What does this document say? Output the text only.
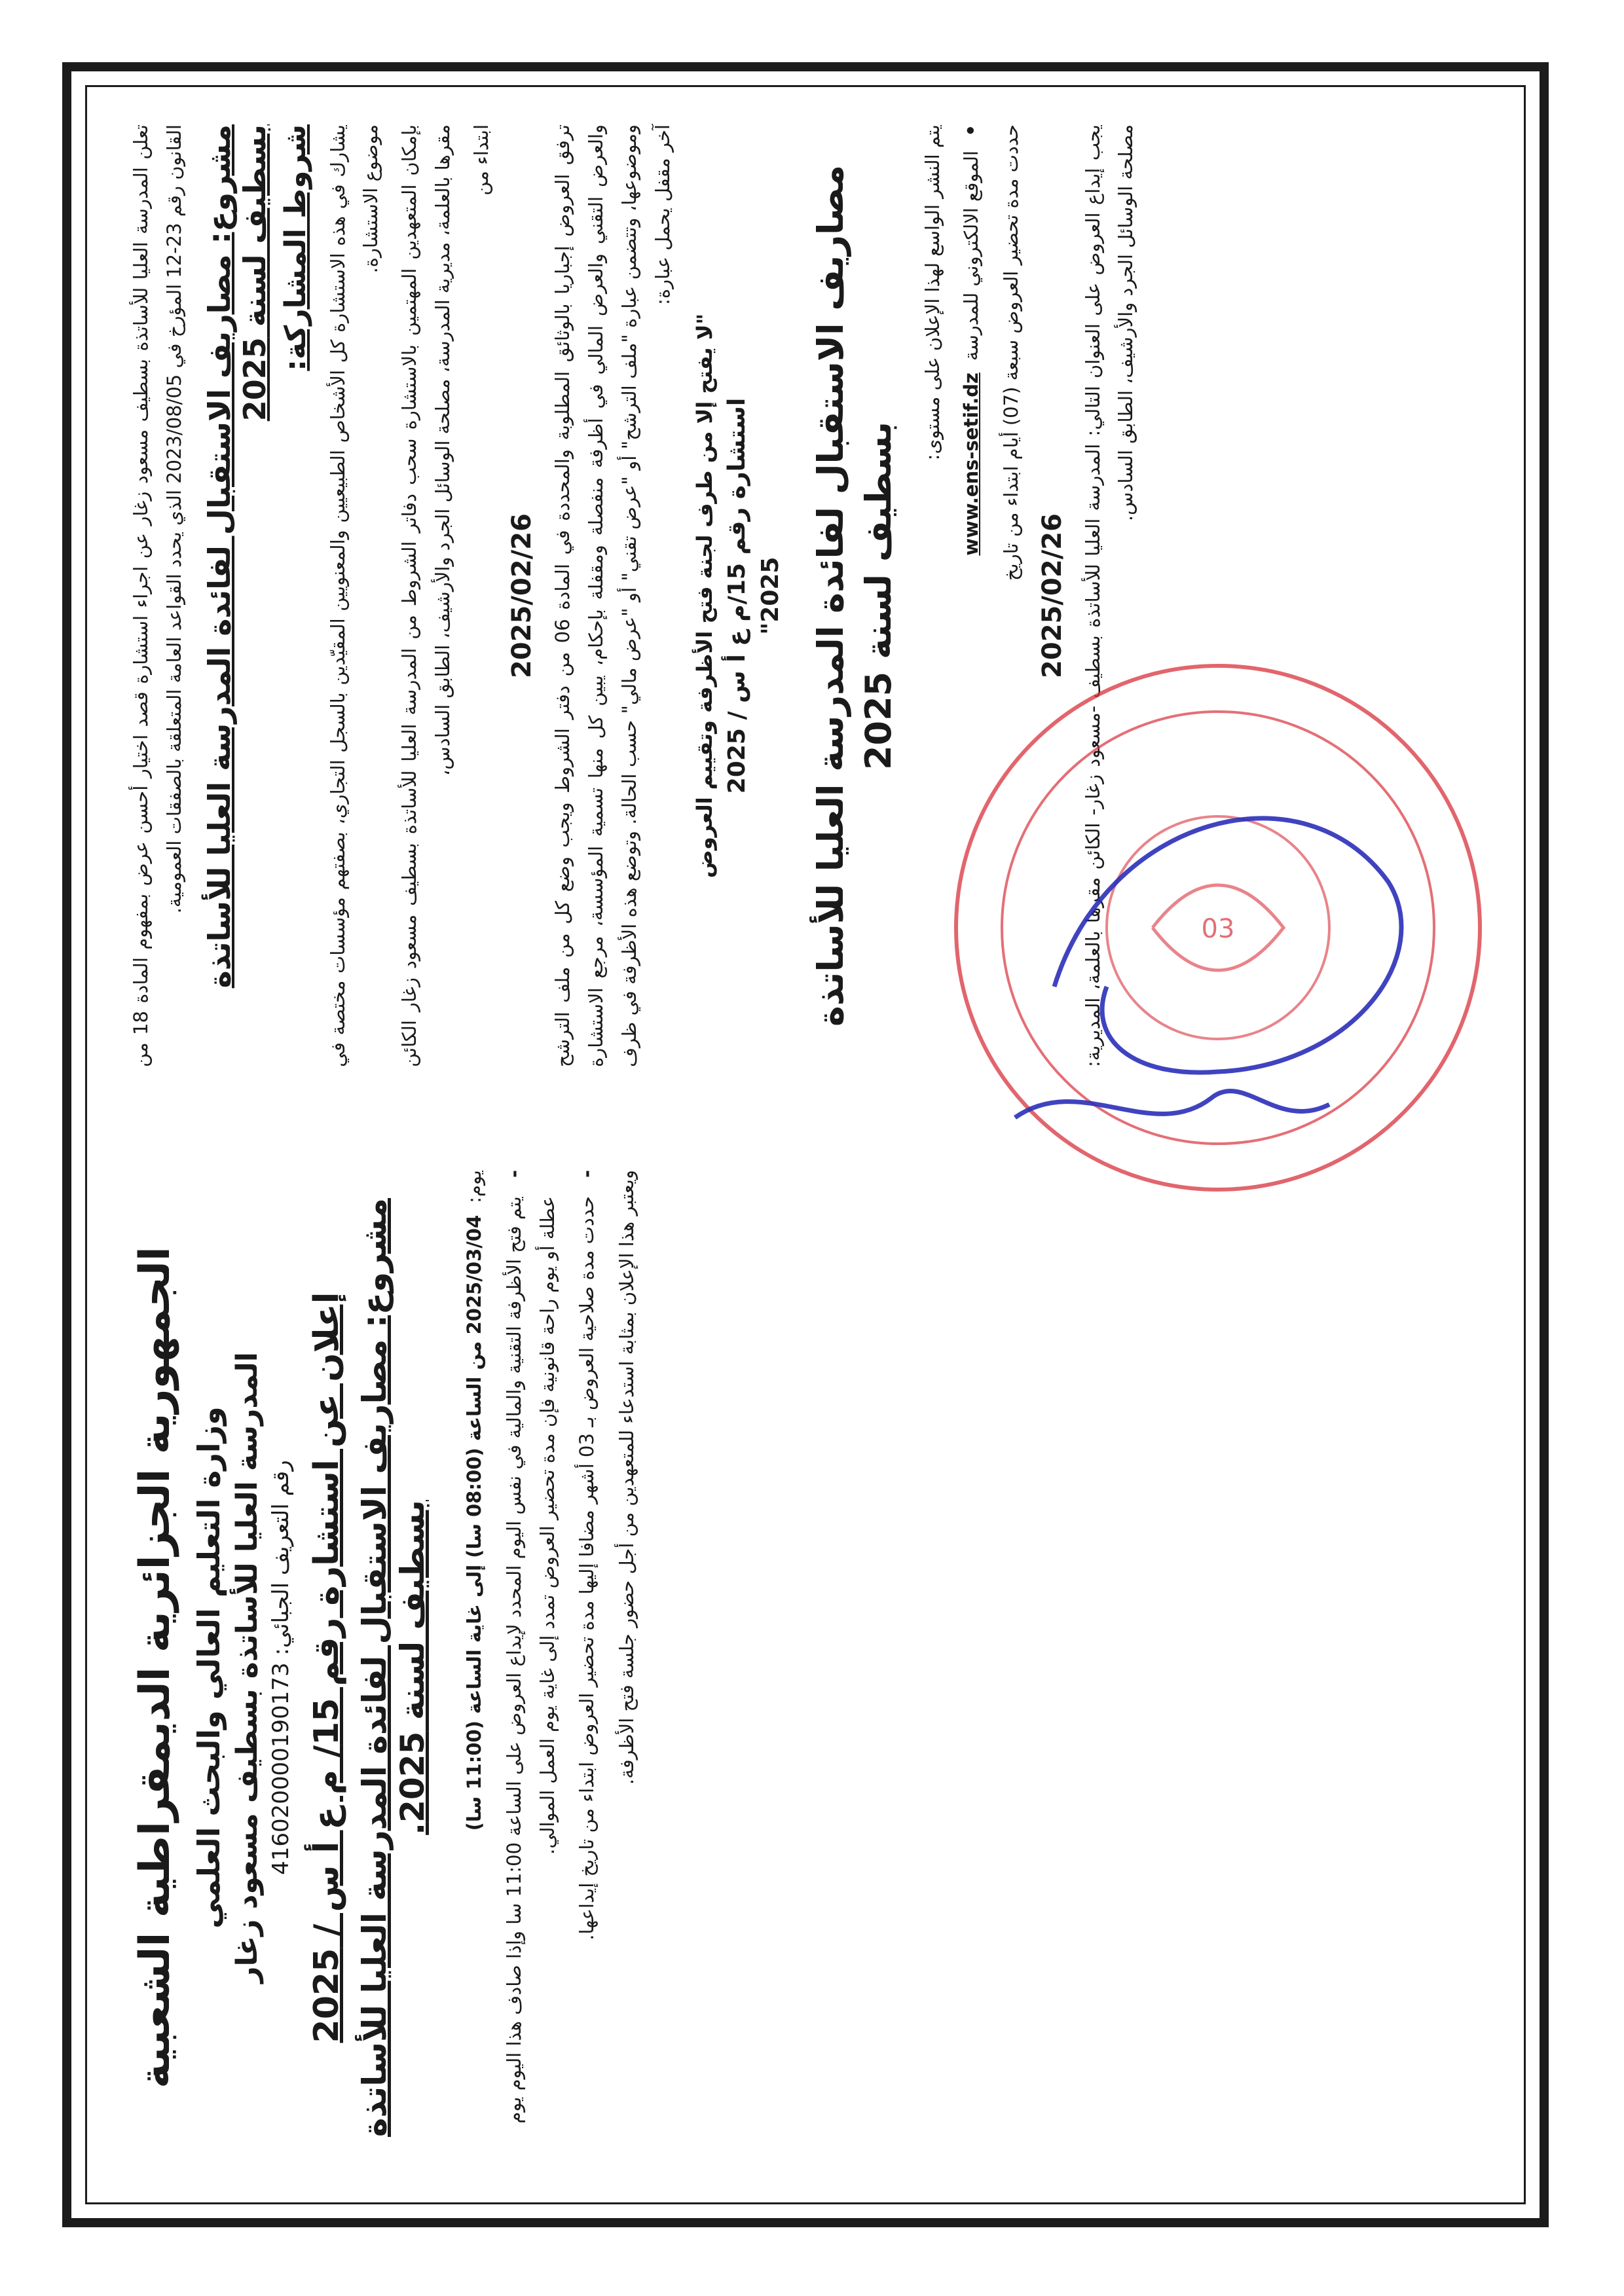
تعلن المدرسة العليا للأساتذة بسطيف مسعود زغار عن اجراء استشارة قصد اختيار أحسن عرض بمفهوم المادة 18 من القانون رقم 23-12 المؤرخ في 2023/08/05 الذي يحدد القواعد العامة المتعلقة بالصفقات العمومية. مشروع: مصاريف الاستقبال لفائدة المدرسة العليا للأساتذة بسطيف لسنة 2025 شروط المشاركة: يشارك في هذه الاستشارة كل الأشخاص الطبيعيين والمعنويين المقيّدين بالسجل التجاري، بصفتهم مؤسسات مختصة في موضوع الاستشارة. بإمكان المتعهدين المهتمين بالاستشارة سحب دفاتر الشروط من المدرسة العليا للأساتذة بسطيف مسعود زغار الكائن مقرها بالعلمة، مديرية المدرسة، مصلحة الوسائل الجرد والأرشيف، الطابق السادس، ابتداء من

2025/02/26

ترفق العروض إجباريا بالوثائق المطلوبة والمحددة في المادة 06 من دفتر الشروط ويجب وضع كل من ملف الترشح والعرض التقني والعرض المالي في أظرفة منفصلة ومقفلة بإحكام، يبين كل منها تسمية المؤسسة، مرجع الاستشارة وموضوعها، وتتضمن عبارة "ملف الترشح" أو "عرض تقني" أو "عرض مالي" حسب الحالة. وتوضع هذه الأظرفة في ظرف آخر مقفل يحمل عبارة:

"لا يفتح إلا من طرف لجنة فتح الأظرفة وتقييم العروض استشارة رقم 15/م ع أ س / 2025
2025" مصاريف الاستقبال لفائدة المدرسة العليا للأساتذة بسطيف لسنة 2025

يتم النشر الواسع لهذا الإعلان على مستوى: •
الموقع الالكتروني للمدرسة
www.ens-setif.dz حددت مدة تحضير العروض سبعة (07) أيام ابتداء من تاريخ

2025/02/26 يجب إيداع العروض على العنوان التالي: المدرسة العليا للأساتذة بسطيف -مسعود زغار- الكائن مقرها بالعلمة، المديرية: مصلحة الوسائل الجرد والأرشيف، الطابق السادس.

الجمهورية الجزائرية الديمقراطية الشعبية وزارة التعليم العالي والبحث العلمي المدرسة العليا للأساتذة بسطيف مسعود زغار رقم التعريف الجبائي: 416020000190173
إعلان عن استشارة رقم 15/ م ع أ س / 2025 مشروع: مصاريف الاستقبال لفائدة المدرسة العليا للأساتذة بسطيف لسنة 2025.
يوم:
2025/03/04 من الساعة (08:00 سا) إلى غاية الساعة (11:00 سا)
-
يتم فتح الأظرفة التقنية والمالية في نفس اليوم المحدد لإيداع العروض على الساعة 11:00 سا وإذا صادف هذا اليوم يوم عطلة أو يوم راحة قانونية فإن مدة تحضير العروض تمدد إلى غاية يوم العمل الموالي.
-
حددت مدة صلاحية العروض بـ 03 أشهر مضافا إليها مدة تحضير العروض ابتداء من تاريخ إيداعها. ويعتبر هذا الإعلان بمثابة استدعاء للمتعهدين من أجل حضور جلسة فتح الأظرفة.

03
